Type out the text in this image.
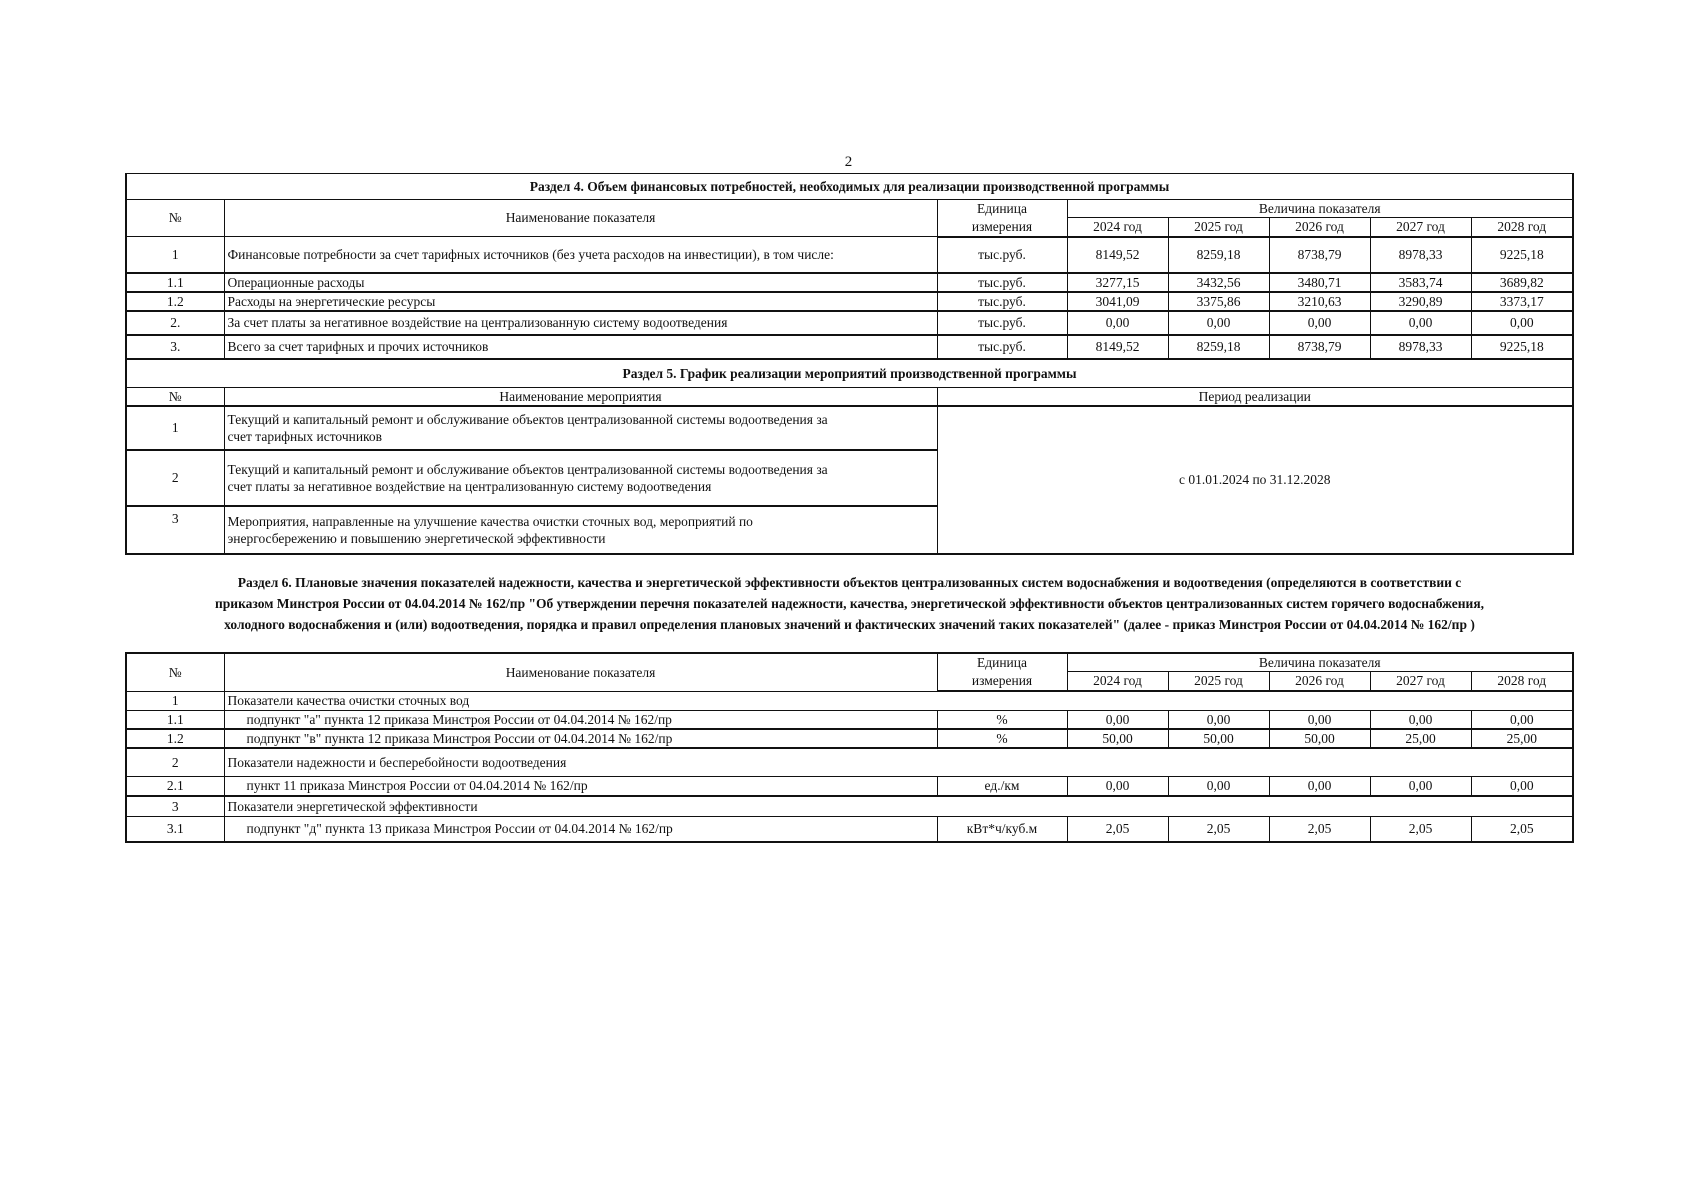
2
Раздел 4. Объем финансовых потребностей, необходимых для реализации производственной программы							
№	Наименование показателя	Единица	Величина показателя				
		измерения	2024 год	2025 год	2026 год	2027 год	2028 год
1	Финансовые потребности за счет тарифных источников (без учета расходов на инвестиции), в том числе:	тыс.руб.	8149,52	8259,18	8738,79	8978,33	9225,18
1.1	Операционные расходы	тыс.руб.	3277,15	3432,56	3480,71	3583,74	3689,82
1.2	Расходы на энергетические ресурсы	тыс.руб.	3041,09	3375,86	3210,63	3290,89	3373,17
2.	За счет платы за негативное воздействие на централизованную систему водоотведения	тыс.руб.	0,00	0,00	0,00	0,00	0,00
3.	Всего за счет тарифных и прочих источников	тыс.руб.	8149,52	8259,18	8738,79	8978,33	9225,18
Раздел 5. График реализации мероприятий производственной программы							
№	Наименование мероприятия	Период реализации					
1	Текущий и капитальный ремонт и обслуживание объектов централизованной системы водоотведения за
счет тарифных источников	с 01.01.2024 по 31.12.2028					
2	Текущий и капитальный ремонт и обслуживание объектов централизованной системы водоотведения за
счет платы за негативное воздействие на централизованную систему водоотведения						

3	Мероприятия, направленные на улучшение качества очистки сточных вод, мероприятий по
энергосбережению и повышению энергетической эффективности						

Раздел 6. Плановые значения показателей надежности, качества и энергетической эффективности объектов централизованных систем водоснабжения и водоотведения (определяются в соответствии с
приказом Минстроя России от 04.04.2014 № 162/пр "Об утверждении перечня показателей надежности, качества, энергетической эффективности объектов централизованных систем горячего водоснабжения,
холодного водоснабжения и (или) водоотведения, порядка и правил определения плановых значений и фактических значений таких показателей" (далее - приказ Минстроя России от 04.04.2014 № 162/пр )							

№	Наименование показателя	Единица	Величина показателя				
		измерения	2024 год	2025 год	2026 год	2027 год	2028 год
1	Показатели качества очистки сточных вод						
1.1	подпункт "а" пункта 12 приказа Минстроя России от 04.04.2014 № 162/пр	%	0,00	0,00	0,00	0,00	0,00
1.2	подпункт "в" пункта 12 приказа Минстроя России от 04.04.2014 № 162/пр	%	50,00	50,00	50,00	25,00	25,00
2	Показатели надежности и бесперебойности водоотведения						
2.1	пункт 11 приказа Минстроя России от 04.04.2014 № 162/пр	ед./км	0,00	0,00	0,00	0,00	0,00
3	Показатели энергетической эффективности						
3.1	подпункт "д" пункта 13 приказа Минстроя России от 04.04.2014 № 162/пр	кВт*ч/куб.м	2,05	2,05	2,05	2,05	2,05
